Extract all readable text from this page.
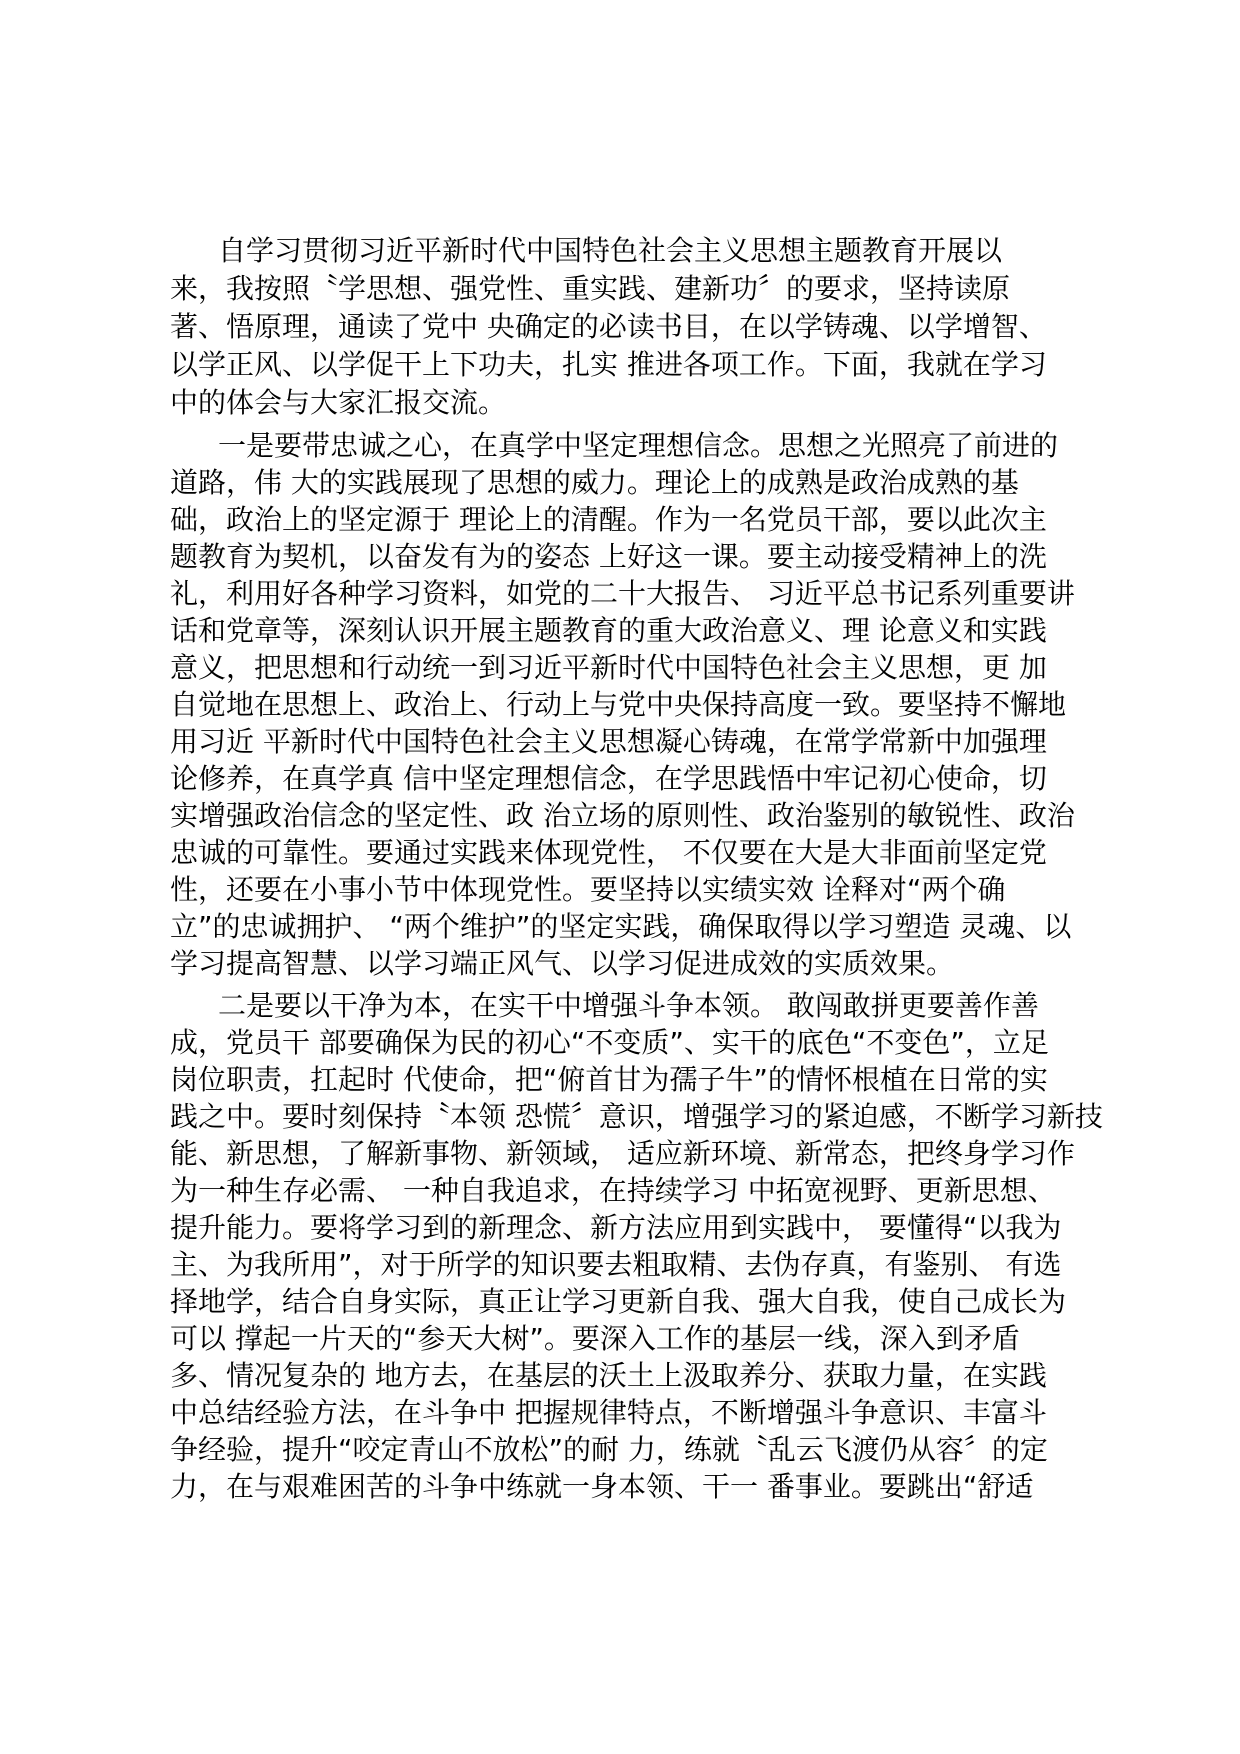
自学习贯彻习近平新时代中国特色社会主义思想主题教育开展以
来，我按照〝学思想、强党性、重实践、建新功〞的要求，坚持读原
著、悟原理，通读了党中 央确定的必读书目，在以学铸魂、以学增智、
以学正风、以学促干上下功夫，扎实 推进各项工作。下面，我就在学习
中的体会与大家汇报交流。
一是要带忠诚之心，在真学中坚定理想信念。思想之光照亮了前进的
道路，伟 大的实践展现了思想的威力。理论上的成熟是政治成熟的基
础，政治上的坚定源于 理论上的清醒。作为一名党员干部，要以此次主
题教育为契机，以奋发有为的姿态 上好这一课。要主动接受精神上的洗
礼，利用好各种学习资料，如党的二十大报告、 习近平总书记系列重要讲
话和党章等，深刻认识开展主题教育的重大政治意义、理 论意义和实践
意义，把思想和行动统一到习近平新时代中国特色社会主义思想，更 加
自觉地在思想上、政治上、行动上与党中央保持高度一致。要坚持不懈地
用习近 平新时代中国特色社会主义思想凝心铸魂，在常学常新中加强理
论修养，在真学真 信中坚定理想信念，在学思践悟中牢记初心使命，切
实增强政治信念的坚定性、政 治立场的原则性、政治鉴别的敏锐性、政治
忠诚的可靠性。要通过实践来体现党性， 不仅要在大是大非面前坚定党
性，还要在小事小节中体现党性。要坚持以实绩实效 诠释对“两个确
立”的忠诚拥护、 “两个维护”的坚定实践，确保取得以学习塑造 灵魂、以
学习提高智慧、以学习端正风气、以学习促进成效的实质效果。
二是要以干净为本，在实干中增强斗争本领。 敢闯敢拼更要善作善
成，党员干 部要确保为民的初心“不变质”、实干的底色“不变色”，立足
岗位职责，扛起时 代使命，把“俯首甘为孺子牛”的情怀根植在日常的实
践之中。要时刻保持〝本领 恐慌〞意识，增强学习的紧迫感，不断学习新技
能、新思想，了解新事物、新领域， 适应新环境、新常态，把终身学习作
为一种生存必需、 一种自我追求，在持续学习 中拓宽视野、更新思想、
提升能力。要将学习到的新理念、新方法应用到实践中， 要懂得“以我为
主、为我所用”，对于所学的知识要去粗取精、去伪存真，有鉴别、 有选
择地学，结合自身实际，真正让学习更新自我、强大自我，使自己成长为
可以 撑起一片天的“参天大树”。要深入工作的基层一线，深入到矛盾
多、情况复杂的 地方去，在基层的沃土上汲取养分、获取力量，在实践
中总结经验方法，在斗争中 把握规律特点，不断增强斗争意识、丰富斗
争经验，提升“咬定青山不放松”的耐 力，练就〝乱云飞渡仍从容〞的定
力，在与艰难困苦的斗争中练就一身本领、干一 番事业。要跳出“舒适
